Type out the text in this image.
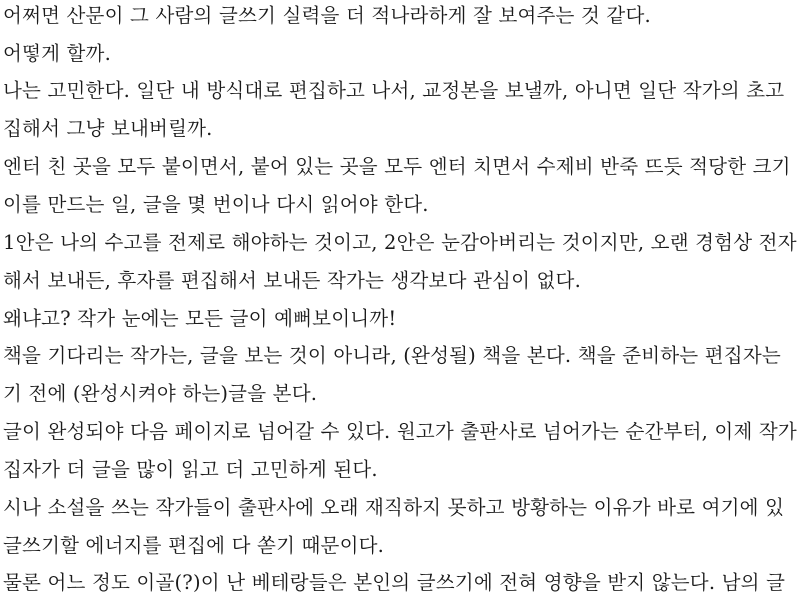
어쩌면 산문이 그 사람의 글쓰기 실력을 더 적나라하게 잘 보여주는 것 같다.
어떻게 할까.
나는 고민한다. 일단 내 방식대로 편집하고 나서, 교정본을 보낼까, 아니면 일단 작가의 초고
집해서 그냥 보내버릴까.
엔터 친 곳을 모두 붙이면서, 붙어 있는 곳을 모두 엔터 치면서 수제비 반죽 뜨듯 적당한 크기
이를 만드는 일, 글을 몇 번이나 다시 읽어야 한다.
1안은 나의 수고를 전제로 해야하는 것이고, 2안은 눈감아버리는 것이지만, 오랜 경험상 전자
해서 보내든, 후자를 편집해서 보내든 작가는 생각보다 관심이 없다.
왜냐고? 작가 눈에는 모든 글이 예뻐보이니까!
책을 기다리는 작가는, 글을 보는 것이 아니라, (완성될) 책을 본다. 책을 준비하는 편집자는
기 전에 (완성시켜야 하는)글을 본다.
글이 완성되야 다음 페이지로 넘어갈 수 있다. 원고가 출판사로 넘어가는 순간부터, 이제 작가
집자가 더 글을 많이 읽고 더 고민하게 된다.
시나 소설을 쓰는 작가들이 출판사에 오래 재직하지 못하고 방황하는 이유가 바로 여기에 있
글쓰기할 에너지를 편집에 다 쏟기 때문이다.
물론 어느 정도 이골(?)이 난 베테랑들은 본인의 글쓰기에 전혀 영향을 받지 않는다. 남의 글
